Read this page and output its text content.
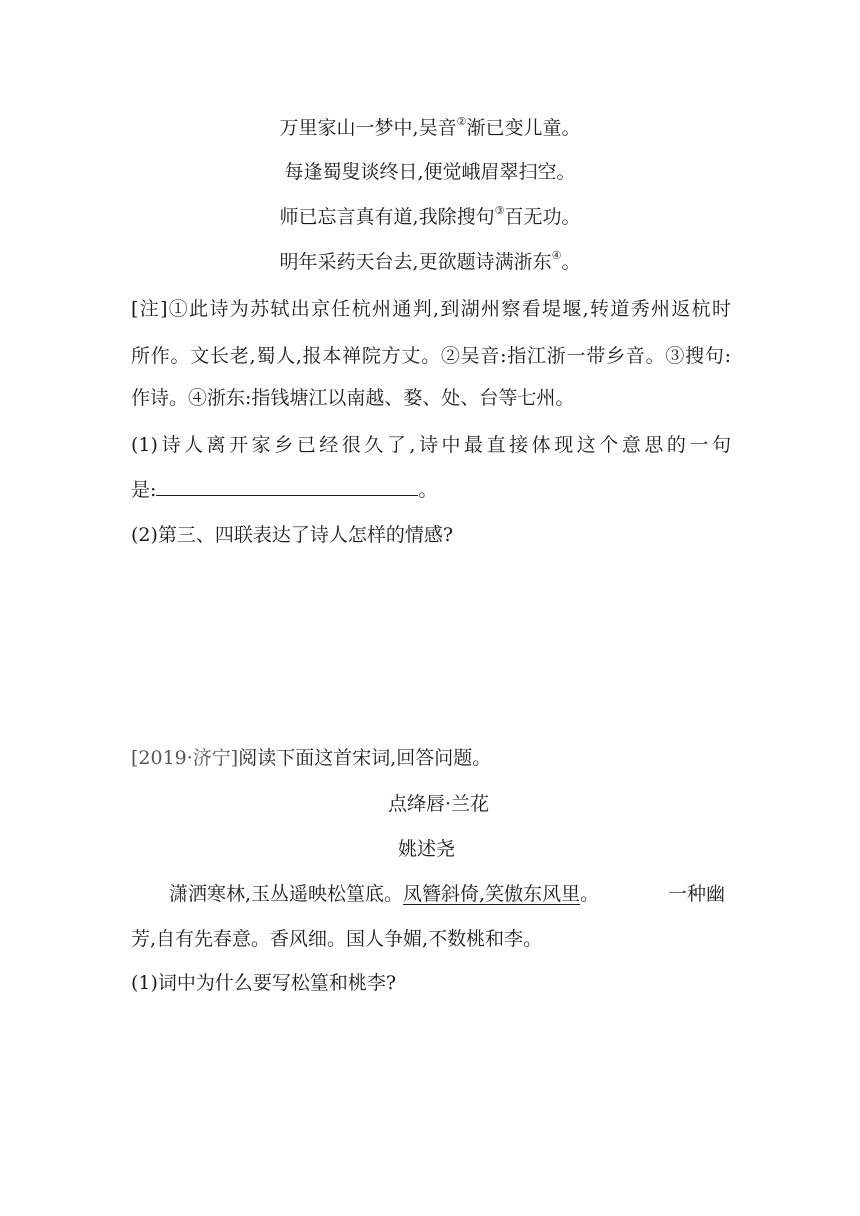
万里家山一梦中,吴音②渐已变儿童。
每逢蜀叟谈终日,便觉峨眉翠扫空。
师已忘言真有道,我除搜句③百无功。
明年采药天台去,更欲题诗满浙东④。
[注]①此诗为苏轼出京任杭州通判,到湖州察看堤堰,转道秀州返杭时
所作。文长老,蜀人,报本禅院方丈。②吴音:指江浙一带乡音。③搜句:
作诗。④浙东:指钱塘江以南越、婺、处、台等七州。
(1)诗人离开家乡已经很久了,诗中最直接体现这个意思的一句
是:	。
(2)第三、四联表达了诗人怎样的情感?
[2019·济宁]阅读下面这首宋词,回答问题。
点绛唇·兰花
姚述尧
潇洒寒林,玉丛遥映松篁底。凤簪斜倚,笑傲东风里。	一种幽
芳,自有先春意。香风细。国人争媚,不数桃和李。
(1)词中为什么要写松篁和桃李?
